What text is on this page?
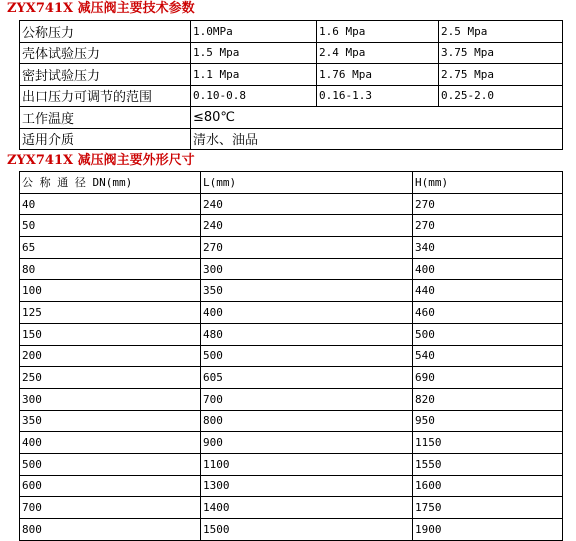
ZYX741X 减压阀主要技术参数
公称压力	1.0MPa	1.6 Mpa	2.5 Mpa
壳体试验压力	1.5 Mpa	2.4 Mpa	3.75 Mpa
密封试验压力	1.1 Mpa	1.76 Mpa	2.75 Mpa
出口压力可调节的范围	0.10-0.8	0.16-1.3	0.25-2.0
工作温度	≤80℃		
适用介质	清水、油品		
ZYX741X 减压阀主要外形尺寸
公 称 通 径 DN(mm)	L(mm)	H(mm)
40	240	270
50	240	270
65	270	340
80	300	400
100	350	440
125	400	460
150	480	500
200	500	540
250	605	690
300	700	820
350	800	950
400	900	1150
500	1100	1550
600	1300	1600
700	1400	1750
800	1500	1900
